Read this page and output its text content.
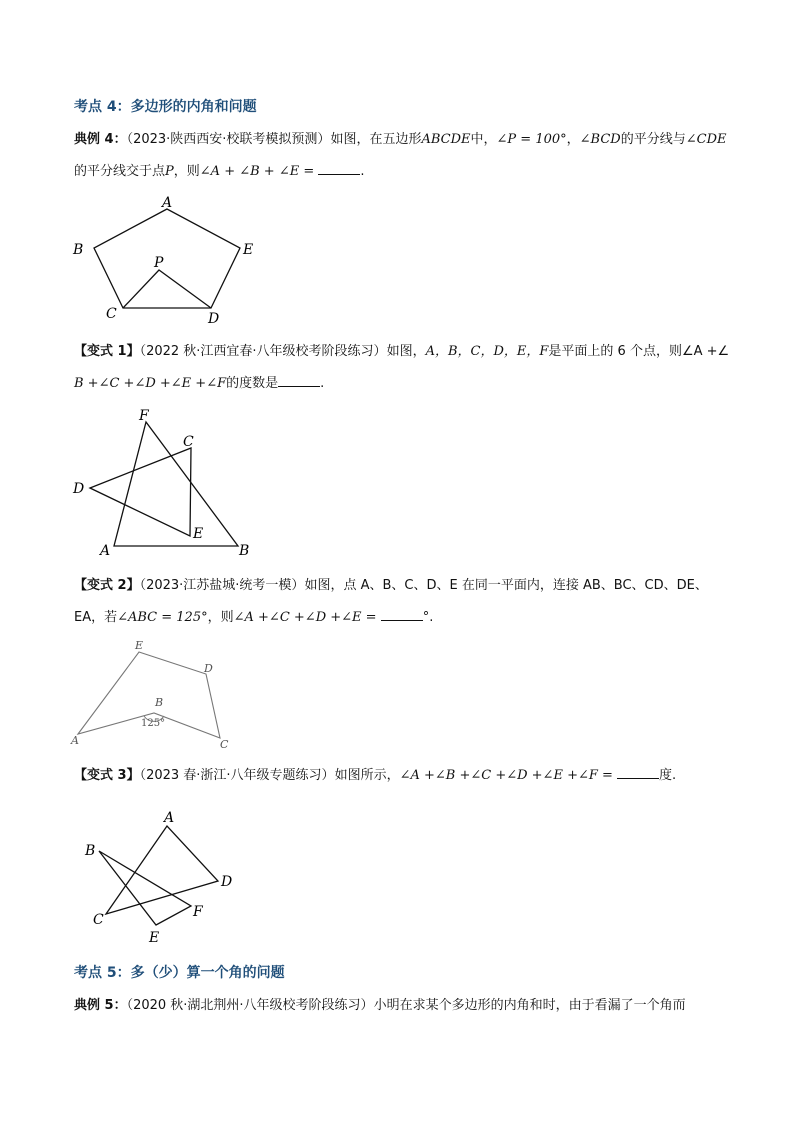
考点 4：多边形的内角和问题
典例 4：（2023·陕西西安·校联考模拟预测）如图，在五边形ABCDE中，∠P = 100°，∠BCD的平分线与∠CDE
的平分线交于点P，则∠A + ∠B + ∠E =	.
A
B
C	D
E
P
【变式 1】（2022 秋·江西宜春·八年级校考阶段练习）如图，A，B，C，D，E，F是平面上的 6 个点，则∠A +∠
B +∠C +∠D +∠E +∠F的度数是	.
F
C
D
E
A	B
【变式 2】（2023·江苏盐城·统考一模）如图，点 A、B、C、D、E 在同一平面内，连接 AB、BC、CD、DE、
EA，若∠ABC = 125°，则∠A +∠C +∠D +∠E =	°.
E
D
B
125°
A	C
【变式 3】（2023 春·浙江·八年级专题练习）如图所示，∠A +∠B +∠C +∠D +∠E +∠F =	度.
A
B
D
C	F
E
考点 5：多（少）算一个角的问题
典例 5：（2020 秋·湖北荆州·八年级校考阶段练习）小明在求某个多边形的内角和时，由于看漏了一个角而
